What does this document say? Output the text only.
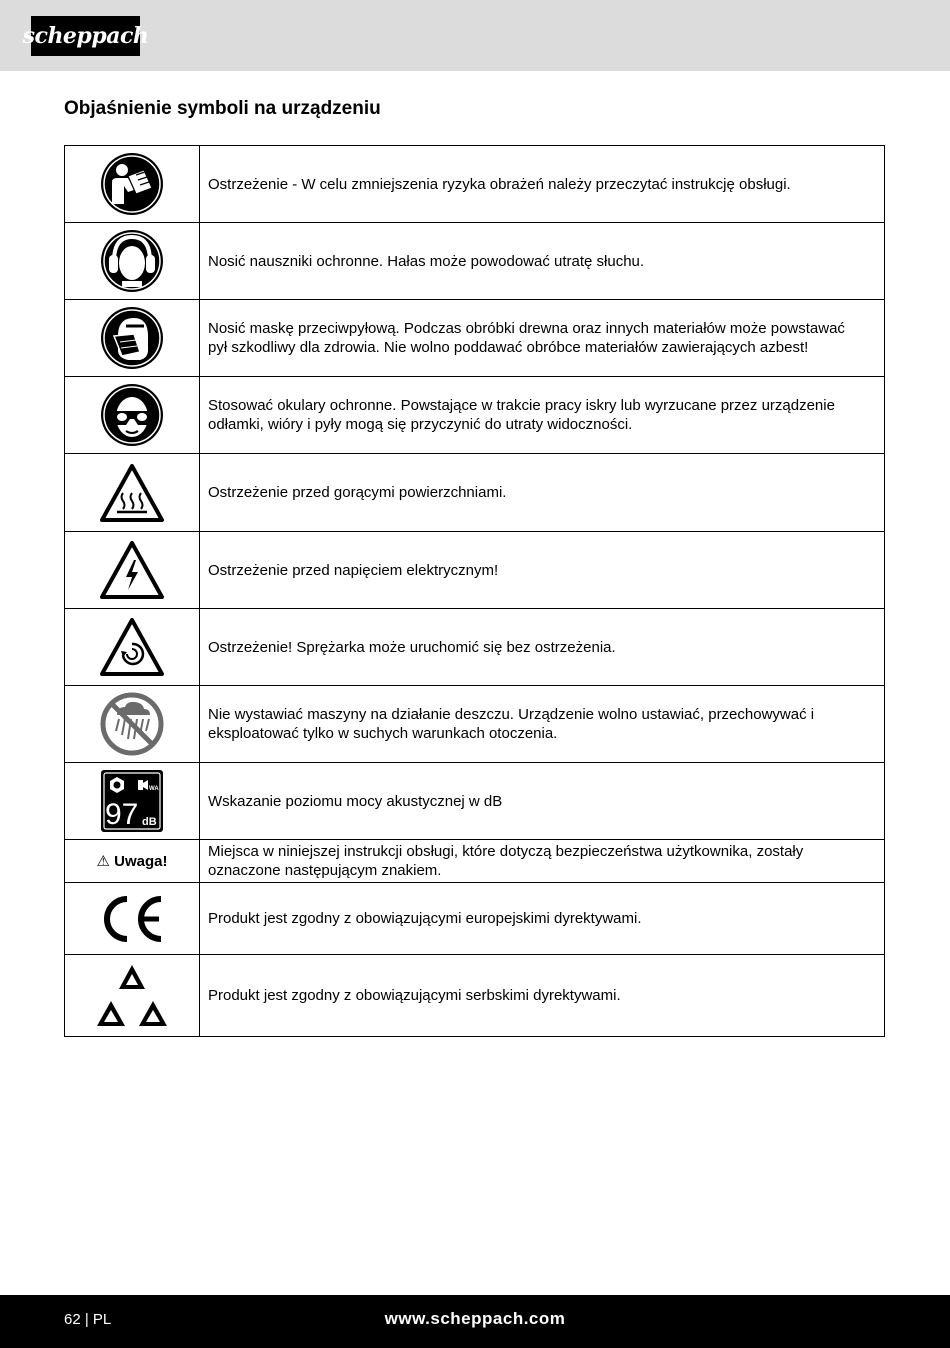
scheppach
Objaśnienie symboli na urządzeniu
	Ostrzeżenie - W celu zmniejszenia ryzyka obrażeń należy przeczytać instrukcję obsługi.

	Nosić nauszniki ochronne. Hałas może powodować utratę słuchu.

	Nosić maskę przeciwpyłową. Podczas obróbki drewna oraz innych materiałów może powstawać pył szkodliwy dla zdrowia. Nie wolno poddawać obróbce materiałów zawierających azbest!

	Stosować okulary ochronne. Powstające w trakcie pracy iskry lub wyrzucane przez urządzenie odłamki, wióry i pyły mogą się przyczynić do utraty widoczności.

	Ostrzeżenie przed gorącymi powierzchniami.

	Ostrzeżenie przed napięciem elektrycznym!

	Ostrzeżenie! Sprężarka może uruchomić się bez ostrzeżenia.

	Nie wystawiać maszyny na działanie deszczu. Urządzenie wolno ustawiać, przechowywać i eksploatować tylko w suchych warunkach otoczenia.

WA
97 dB	Wskazanie poziomu mocy akustycznej w dB
⚠ Uwaga!	Miejsca w niniejszej instrukcji obsługi, które dotyczą bezpieczeństwa użytkownika, zostały oznaczone następującym znakiem.

	Produkt jest zgodny z obowiązującymi europejskimi dyrektywami.

	Produkt jest zgodny z obowiązującymi serbskimi dyrektywami.
62 | PL	www.scheppach.com
